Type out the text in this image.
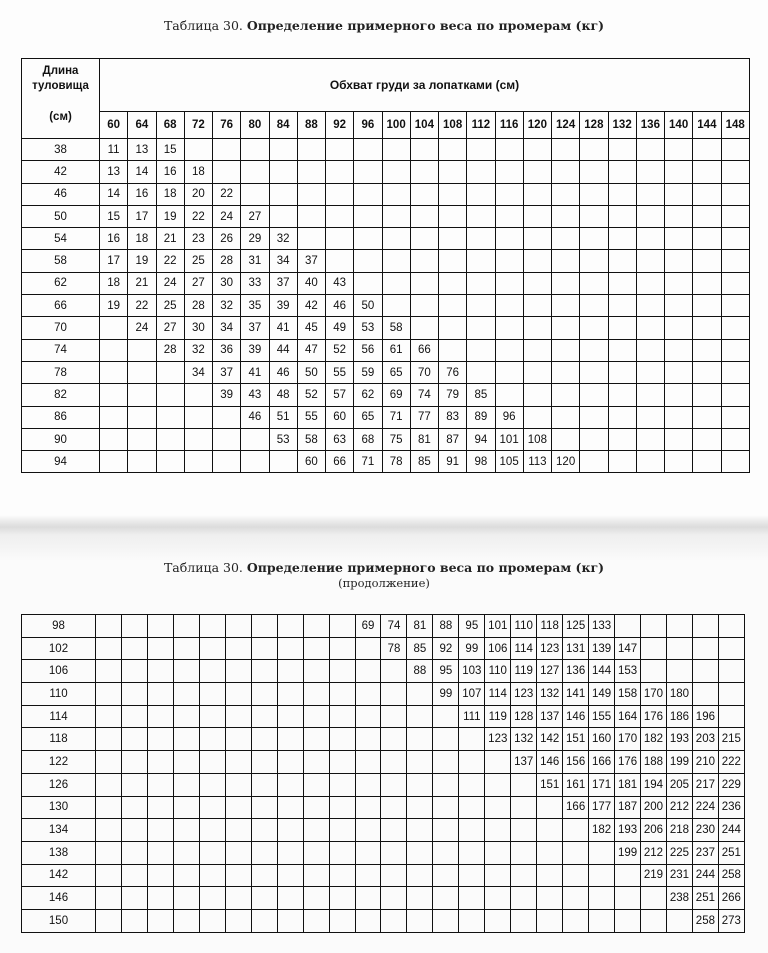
Таблица 30. Определение примерного веса по промерам (кг)
Длина
туловища
(см)	Обхват груди за лопатками (см)																						
	60	64	68	72	76	80	84	88	92	96	100	104	108	112	116	120	124	128	132	136	140	144	148
38	11	13	15																				
42	13	14	16	18																			
46	14	16	18	20	22																		
50	15	17	19	22	24	27																	
54	16	18	21	23	26	29	32																
58	17	19	22	25	28	31	34	37															
62	18	21	24	27	30	33	37	40	43														
66	19	22	25	28	32	35	39	42	46	50													
70		24	27	30	34	37	41	45	49	53	58												
74			28	32	36	39	44	47	52	56	61	66											
78				34	37	41	46	50	55	59	65	70	76										
82					39	43	48	52	57	62	69	74	79	85									
86						46	51	55	60	65	71	77	83	89	96								
90							53	58	63	68	75	81	87	94	101	108							
94								60	66	71	78	85	91	98	105	113	120						
Таблица 30. Определение примерного веса по промерам (кг)
(продолжение)
98											69	74	81	88	95	101	110	118	125	133					
102												78	85	92	99	106	114	123	131	139	147				
106													88	95	103	110	119	127	136	144	153				
110														99	107	114	123	132	141	149	158	170	180		
114															111	119	128	137	146	155	164	176	186	196	
118																123	132	142	151	160	170	182	193	203	215
122																	137	146	156	166	176	188	199	210	222
126																		151	161	171	181	194	205	217	229
130																			166	177	187	200	212	224	236
134																				182	193	206	218	230	244
138																					199	212	225	237	251
142																						219	231	244	258
146																							238	251	266
150																								258	273
